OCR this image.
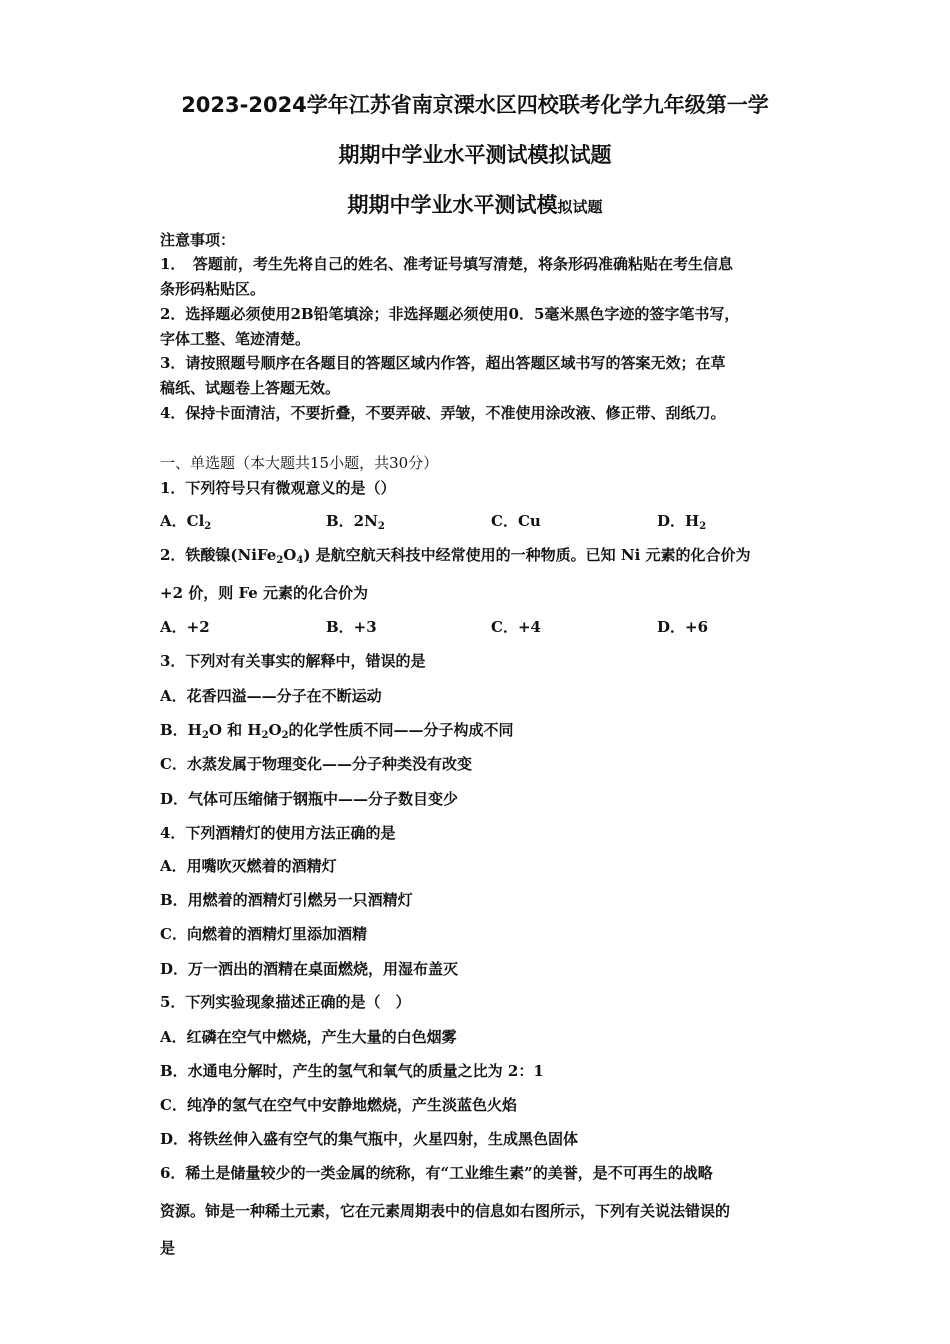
2023-2024学年江苏省南京溧水区四校联考化学九年级第一学
期期中学业水平测试模拟试题
期期中学业水平测试模拟试题
注意事项：
1．　答题前，考生先将自己的姓名、准考证号填写清楚，将条形码准确粘贴在考生信息
条形码粘贴区。
2．选择题必须使用2B铅笔填涂；非选择题必须使用0．5毫米黑色字迹的签字笔书写，
字体工整、笔迹清楚。
3．请按照题号顺序在各题目的答题区域内作答，超出答题区域书写的答案无效；在草
稿纸、试题卷上答题无效。
4．保持卡面清洁，不要折叠，不要弄破、弄皱，不准使用涂改液、修正带、刮纸刀。
一、单选题（本大题共15小题，共30分）
1．下列符号只有微观意义的是（）
A．$Cl_2$	B．$2N_2$	C．Cu	D．$H_2$
2．铁酸镍$(NiFe_2O_4)$ 是航空航天科技中经常使用的一种物质。已知 Ni 元素的化合价为
+2 价，则 Fe 元素的化合价为
A．+2	B．+3	C．+4	D．+6
3．下列对有关事实的解释中，错误的是
A．花香四溢——分子在不断运动
B．$H_2O$ 和 $H_2O_2$的化学性质不同——分子构成不同
C．水蒸发属于物理变化——分子种类没有改变
D．气体可压缩储于钢瓶中——分子数目变少
4．下列酒精灯的使用方法正确的是
A．用嘴吹灭燃着的酒精灯
B．用燃着的酒精灯引燃另一只酒精灯
C．向燃着的酒精灯里添加酒精
D．万一洒出的酒精在桌面燃烧，用湿布盖灭
5．下列实验现象描述正确的是（　）
A．红磷在空气中燃烧，产生大量的白色烟雾
B．水通电分解时，产生的氢气和氧气的质量之比为 2：1
C．纯净的氢气在空气中安静地燃烧，产生淡蓝色火焰
D．将铁丝伸入盛有空气的集气瓶中，火星四射，生成黑色固体
6．稀土是储量较少的一类金属的统称，有“工业维生素”的美誉，是不可再生的战略
资源。铈是一种稀土元素，它在元素周期表中的信息如右图所示，下列有关说法错误的
是
